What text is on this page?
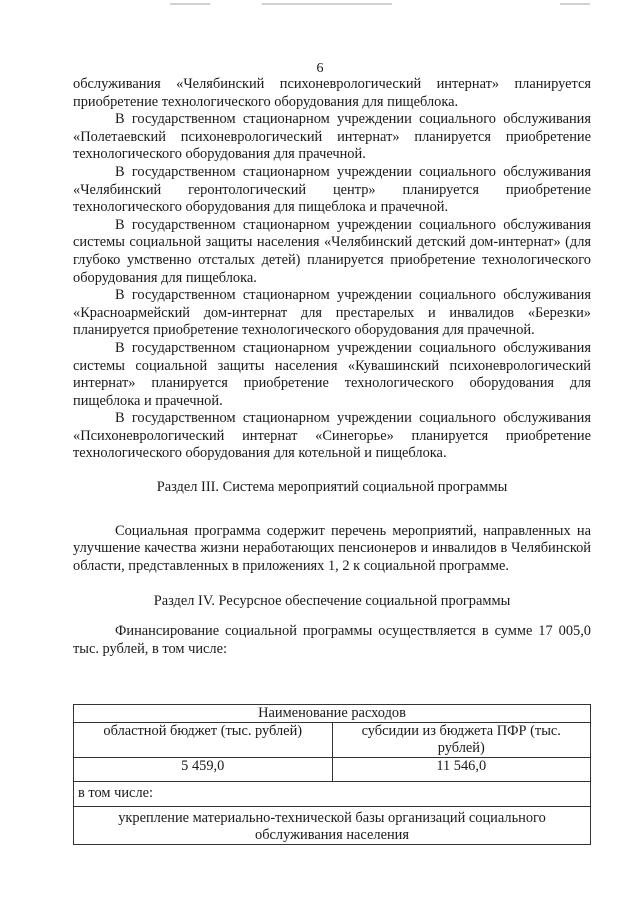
6

обслуживания «Челябинский психоневрологический интернат» планируется приобретение технологического оборудования для пищеблока.

В государственном стационарном учреждении социального обслуживания «Полетаевский психоневрологический интернат» планируется приобретение технологического оборудования для прачечной.

В государственном стационарном учреждении социального обслуживания «Челябинский геронтологический центр» планируется приобретение технологического оборудования для пищеблока и прачечной.

В государственном стационарном учреждении социального обслуживания системы социальной защиты населения «Челябинский детский дом-интернат» (для глубоко умственно отсталых детей) планируется приобретение технологического оборудования для пищеблока.

В государственном стационарном учреждении социального обслуживания «Красноармейский дом-интернат для престарелых и инвалидов «Березки» планируется приобретение технологического оборудования для прачечной.

В государственном стационарном учреждении социального обслуживания системы социальной защиты населения «Кувашинский психоневрологический интернат» планируется приобретение технологического оборудования для пищеблока и прачечной.

В государственном стационарном учреждении социального обслуживания «Психоневрологический интернат «Синегорье» планируется приобретение технологического оборудования для котельной и пищеблока.

Раздел III. Система мероприятий социальной программы

Социальная программа содержит перечень мероприятий, направленных на улучшение качества жизни неработающих пенсионеров и инвалидов в Челябинской области, представленных в приложениях 1, 2 к социальной программе.

Раздел IV. Ресурсное обеспечение социальной программы

Финансирование социальной программы осуществляется в сумме 17 005,0 тыс. рублей, в том числе:

Наименование расходов	
областной бюджет (тыс. рублей)	субсидии из бюджета ПФР (тыс. рублей)
5 459,0	11 546,0
в том числе:	
укрепление материально-технической базы организаций социального обслуживания населения	
